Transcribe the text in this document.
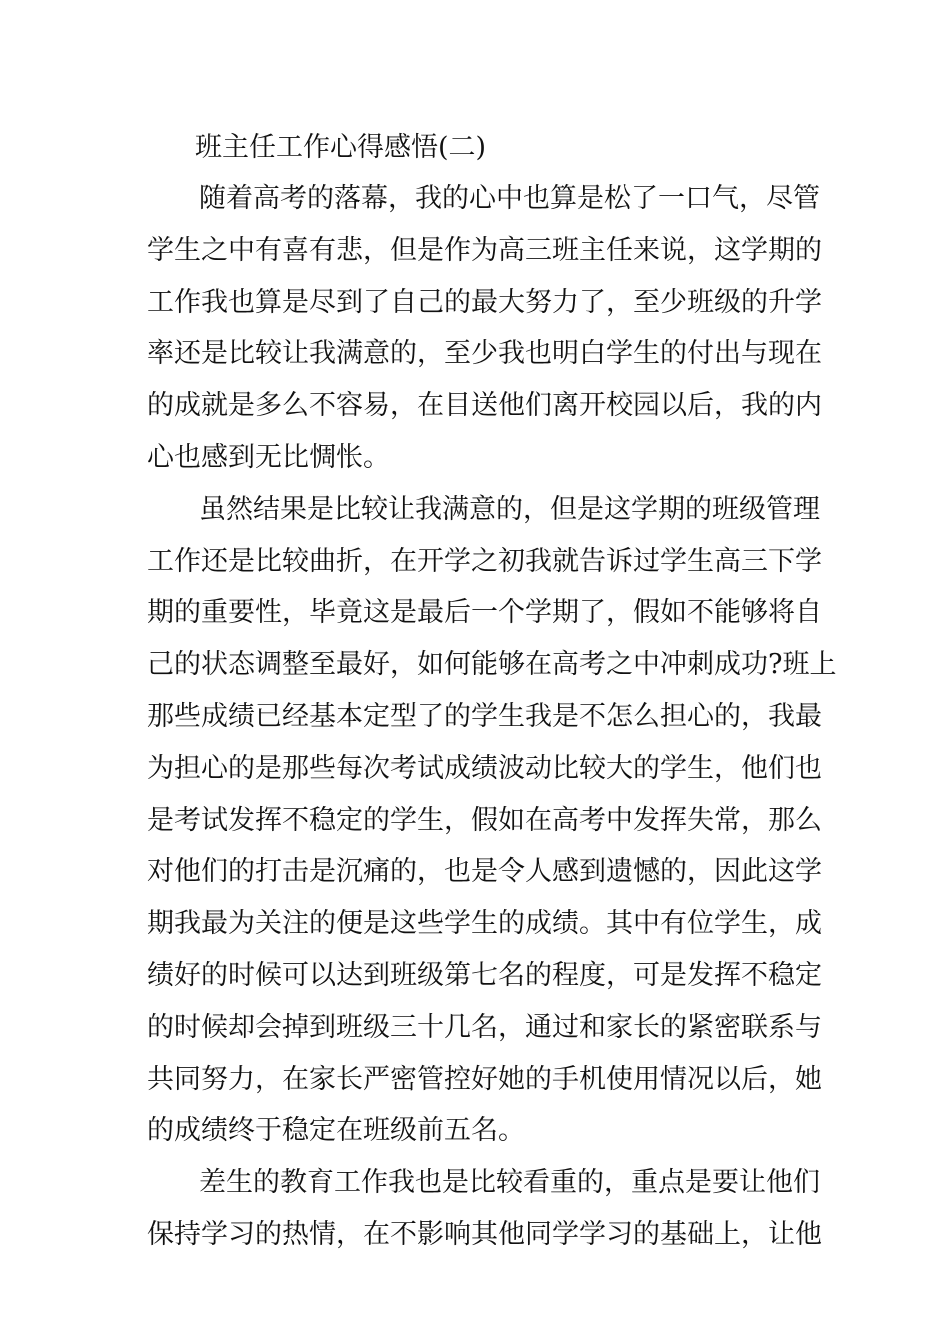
班主任工作心得感悟(二)

随着高考的落幕，我的心中也算是松了一口气，尽管

学生之中有喜有悲，但是作为高三班主任来说，这学期的

工作我也算是尽到了自己的最大努力了，至少班级的升学

率还是比较让我满意的，至少我也明白学生的付出与现在

的成就是多么不容易，在目送他们离开校园以后，我的内

心也感到无比惆怅。

虽然结果是比较让我满意的，但是这学期的班级管理

工作还是比较曲折，在开学之初我就告诉过学生高三下学

期的重要性，毕竟这是最后一个学期了，假如不能够将自

己的状态调整至最好，如何能够在高考之中冲刺成功?班上

那些成绩已经基本定型了的学生我是不怎么担心的，我最

为担心的是那些每次考试成绩波动比较大的学生，他们也

是考试发挥不稳定的学生，假如在高考中发挥失常，那么

对他们的打击是沉痛的，也是令人感到遗憾的，因此这学

期我最为关注的便是这些学生的成绩。其中有位学生，成

绩好的时候可以达到班级第七名的程度，可是发挥不稳定

的时候却会掉到班级三十几名，通过和家长的紧密联系与

共同努力，在家长严密管控好她的手机使用情况以后，她

的成绩终于稳定在班级前五名。

差生的教育工作我也是比较看重的，重点是要让他们

保持学习的热情，在不影响其他同学学习的基础上，让他
